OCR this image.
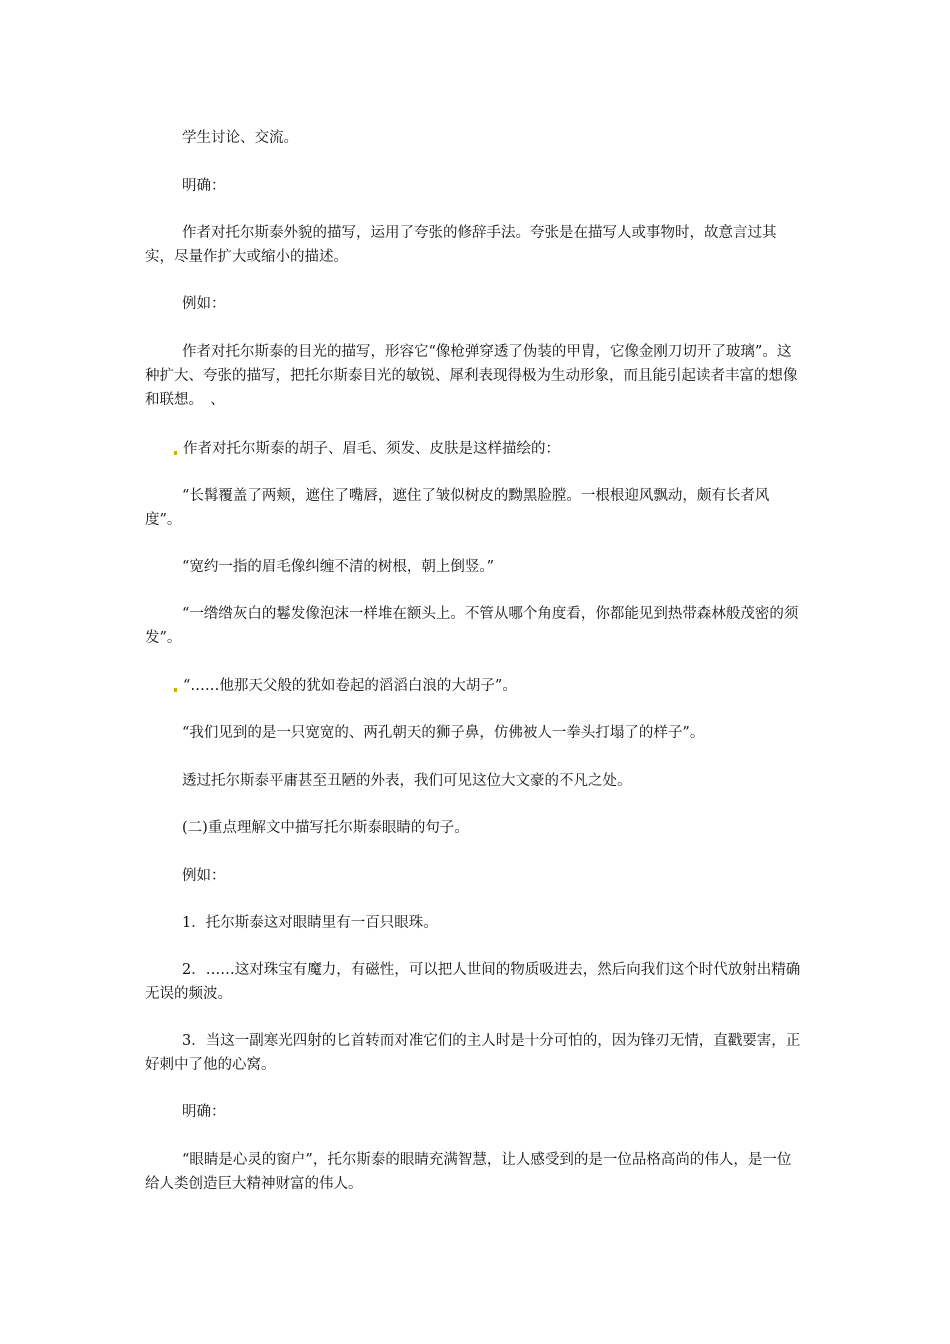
学生讨论、交流。

明确：

作者对托尔斯泰外貌的描写，运用了夸张的修辞手法。夸张是在描写人或事物时，故意言过其实，尽量作扩大或缩小的描述。

例如：

作者对托尔斯泰的目光的描写，形容它“像枪弹穿透了伪装的甲胄，它像金刚刀切开了玻璃”。这种扩大、夸张的描写，把托尔斯泰目光的敏锐、犀利表现得极为生动形象，而且能引起读者丰富的想像和联想。　、

作者对托尔斯泰的胡子、眉毛、须发、皮肤是这样描绘的：

“长髯覆盖了两颊，遮住了嘴唇，遮住了皱似树皮的黝黑脸膛。一根根迎风飘动，颇有长者风度”。

“宽约一指的眉毛像纠缠不清的树根，朝上倒竖。”

“一绺绺灰白的鬈发像泡沫一样堆在额头上。不管从哪个角度看，你都能见到热带森林般茂密的须发”。

“……他那天父般的犹如卷起的滔滔白浪的大胡子”。

“我们见到的是一只宽宽的、两孔朝天的狮子鼻，仿佛被人一拳头打塌了的样子”。

透过托尔斯泰平庸甚至丑陋的外表，我们可见这位大文豪的不凡之处。

(二)重点理解文中描写托尔斯泰眼睛的句子。

例如：

1．托尔斯泰这对眼睛里有一百只眼珠。

2．……这对珠宝有魔力，有磁性，可以把人世间的物质吸进去，然后向我们这个时代放射出精确无误的频波。

3．当这一副寒光四射的匕首转而对准它们的主人时是十分可怕的，因为锋刃无情，直戳要害，正好刺中了他的心窝。

明确：

“眼睛是心灵的窗户”，托尔斯泰的眼睛充满智慧，让人感受到的是一位品格高尚的伟人，是一位给人类创造巨大精神财富的伟人。
